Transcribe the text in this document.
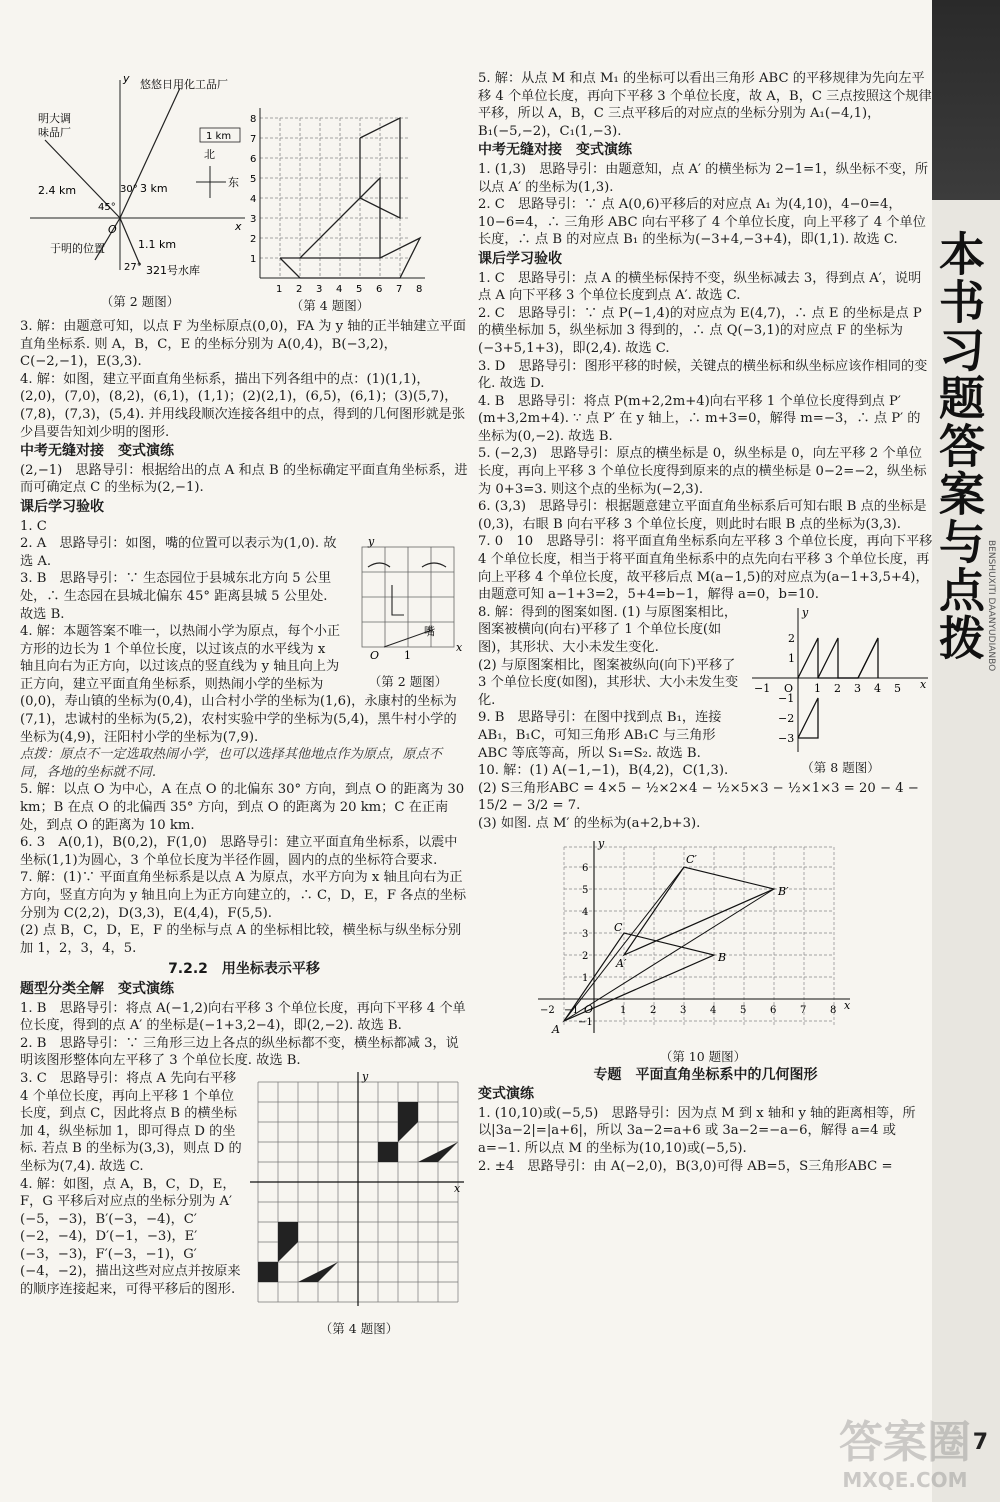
悠悠日用化工品厂
明大调
味品厂
2.4 km	30° 3 km
45°
O
于明的位置	1.1 km
27° 321号水库
x
y
（第 2 题图）
1 km
北
东
1
2
3
4
5
6
7
8
1 2 3 4 5 6 7 8
（第 4 题图）

3. 解：由题意可知，以点 F 为坐标原点(0,0)，FA 为 y 轴的正半轴建立平面直角坐标系. 则 A，B，C，E 的坐标分别为 A(0,4)，B(−3,2)，C(−2,−1)，E(3,3).

4. 解：如图，建立平面直角坐标系，描出下列各组中的点：(1)(1,1)，(2,0)，(7,0)，(8,2)，(6,1)，(1,1)；(2)(2,1)，(6,5)，(6,1)；(3)(5,7)，(7,8)，(7,3)，(5,4). 并用线段顺次连接各组中的点，得到的几何图形就是张少昌要告知刘少明的图形.

中考无缝对接　变式演练

(2,−1)　思路导引：根据给出的点 A 和点 B 的坐标确定平面直角坐标系，进而可确定点 C 的坐标为(2,−1).

课后学习验收

1. C

O 1
y
x
嘴
（第 2 题图）

2. A　思路导引：如图，嘴的位置可以表示为(1,0). 故选 A.

3. B　思路导引：∵ 生态园位于县城东北方向 5 公里处，∴ 生态园在县城北偏东 45° 距离县城 5 公里处. 故选 B.

4. 解：本题答案不唯一，以热闹小学为原点，每个小正方形的边长为 1 个单位长度，以过该点的水平线为 x 轴且向右为正方向，以过该点的竖直线为 y 轴且向上为正方向，建立平面直角坐标系，则热闹小学的坐标为(0,0)，寿山镇的坐标为(0,4)，山合村小学的坐标为(1,6)，永康村的坐标为(7,1)，忠诚村的坐标为(5,2)，农村实验中学的坐标为(5,4)，黑牛村小学的坐标为(4,9)，汪阳村小学的坐标为(7,9).

点拨：原点不一定选取热闹小学，也可以选择其他地点作为原点，原点不同，各地的坐标就不同.

5. 解：以点 O 为中心，A 在点 O 的北偏东 30° 方向，到点 O 的距离为 30 km；B 在点 O 的北偏西 35° 方向，到点 O 的距离为 20 km；C 在正南处，到点 O 的距离为 10 km.

6. 3　A(0,1)，B(0,2)，F(1,0)　思路导引：建立平面直角坐标系，以震中坐标(1,1)为圆心，3 个单位长度为半径作圆，圆内的点的坐标符合要求.

7. 解：(1)∵ 平面直角坐标系是以点 A 为原点，水平方向为 x 轴且向右为正方向，竖直方向为 y 轴且向上为正方向建立的，∴ C，D，E，F 各点的坐标分别为 C(2,2)，D(3,3)，E(4,4)，F(5,5).

(2) 点 B，C，D，E，F 的坐标与点 A 的坐标相比较，横坐标与纵坐标分别加 1，2，3，4，5.

7.2.2　用坐标表示平移

题型分类全解　变式演练

1. B　思路导引：将点 A(−1,2)向右平移 3 个单位长度，再向下平移 4 个单位长度，得到的点 A′ 的坐标是(−1+3,2−4)，即(2,−2). 故选 B.

2. B　思路导引：∵ 三角形三边上各点的纵坐标都不变，横坐标都减 3，说明该图形整体向左平移了 3 个单位长度. 故选 B.

y
x
（第 4 题图）

3. C　思路导引：将点 A 先向右平移 4 个单位长度，再向上平移 1 个单位长度，到点 C，因此将点 B 的横坐标加 4，纵坐标加 1，即可得点 D 的坐标. 若点 B 的坐标为(3,3)，则点 D 的坐标为(7,4). 故选 C.

4. 解：如图，点 A，B，C，D，E，F，G 平移后对应点的坐标分别为 A′(−5，−3)，B′(−3，−4)，C′(−2，−4)，D′(−1，−3)，E′(−3，−3)，F′(−3，−1)，G′(−4，−2)，描出这些对应点并按原来的顺序连接起来，可得平移后的图形.

5. 解：从点 M 和点 M₁ 的坐标可以看出三角形 ABC 的平移规律为先向左平移 4 个单位长度，再向下平移 3 个单位长度，故 A，B，C 三点按照这个规律平移，所以 A，B，C 三点平移后的对应点的坐标分别为 A₁(−4,1)，B₁(−5,−2)，C₁(1,−3).

中考无缝对接　变式演练

1. (1,3)　思路导引：由题意知，点 A′ 的横坐标为 2−1=1，纵坐标不变，所以点 A′ 的坐标为(1,3).

2. C　思路导引：∵ 点 A(0,6)平移后的对应点 A₁ 为(4,10)，4−0=4，10−6=4，∴ 三角形 ABC 向右平移了 4 个单位长度，向上平移了 4 个单位长度，∴ 点 B 的对应点 B₁ 的坐标为(−3+4,−3+4)，即(1,1). 故选 C.

课后学习验收

1. C　思路导引：点 A 的横坐标保持不变，纵坐标减去 3，得到点 A′，说明点 A 向下平移 3 个单位长度到点 A′. 故选 C.

2. C　思路导引：∵ 点 P(−1,4)的对应点为 E(4,7)，∴ 点 E 的坐标是点 P 的横坐标加 5，纵坐标加 3 得到的，∴ 点 Q(−3,1)的对应点 F 的坐标为(−3+5,1+3)，即(2,4). 故选 C.

3. D　思路导引：图形平移的时候，关键点的横坐标和纵坐标应该作相同的变化. 故选 D.

4. B　思路导引：将点 P(m+2,2m+4)向右平移 1 个单位长度得到点 P′(m+3,2m+4). ∵ 点 P′ 在 y 轴上，∴ m+3=0，解得 m=−3，∴ 点 P′ 的坐标为(0,−2). 故选 B.

5. (−2,3)　思路导引：原点的横坐标是 0，纵坐标是 0，向左平移 2 个单位长度，再向上平移 3 个单位长度得到原来的点的横坐标是 0−2=−2，纵坐标为 0+3=3. 则这个点的坐标为(−2,3).

6. (3,3)　思路导引：根据题意建立平面直角坐标系后可知右眼 B 点的坐标是(0,3)，右眼 B 向右平移 3 个单位长度，则此时右眼 B 点的坐标为(3,3).

7. 0　10　思路导引：将平面直角坐标系向左平移 3 个单位长度，再向下平移 4 个单位长度，相当于将平面直角坐标系中的点先向右平移 3 个单位长度，再向上平移 4 个单位长度，故平移后点 M(a−1,5)的对应点为(a−1+3,5+4)，由题意可知 a−1+3=2，5+4=b−1，解得 a=0，b=10.

−1 O 1 2 3 4 5
2
1
−1
−2
−3
y
x
（第 8 题图）

8. 解：得到的图案如图. (1) 与原图案相比，图案被横向(向右)平移了 1 个单位长度(如图)，其形状、大小未发生变化.

(2) 与原图案相比，图案被纵向(向下)平移了 3 个单位长度(如图)，其形状、大小未发生变化.

9. B　思路导引：在图中找到点 B₁，连接 AB₁，B₁C，可知三角形 AB₁C 与三角形 ABC 等底等高，所以 S₁=S₂. 故选 B.

10. 解：(1) A(−1,−1)，B(4,2)，C(1,3).

(2) S三角形ABC = 4×5 − ½×2×4 − ½×5×3 − ½×1×3 = 20 − 4 − 15/2 − 3/2 = 7.

(3) 如图. 点 M′ 的坐标为(a+2,b+3).

A
B
C
A′
B′
C′
O
y
x
−2 −1	1 2 3 4 5 6 7 8
6
5
4
3
2
1
−1
（第 10 题图）

专题　平面直角坐标系中的几何图形

变式演练

1. (10,10)或(−5,5)　思路导引：因为点 M 到 x 轴和 y 轴的距离相等，所以|3a−2|=|a+6|，所以 3a−2=a+6 或 3a−2=−a−6，解得 a=4 或 a=−1. 所以点 M 的坐标为(10,10)或(−5,5).

2. ±4　思路导引：由 A(−2,0)，B(3,0)可得 AB=5，S三角形ABC =

本书习题答案与点拨 BENSHUXITI DAANYUDIANBO
7
答案圈
MXQE.COM
